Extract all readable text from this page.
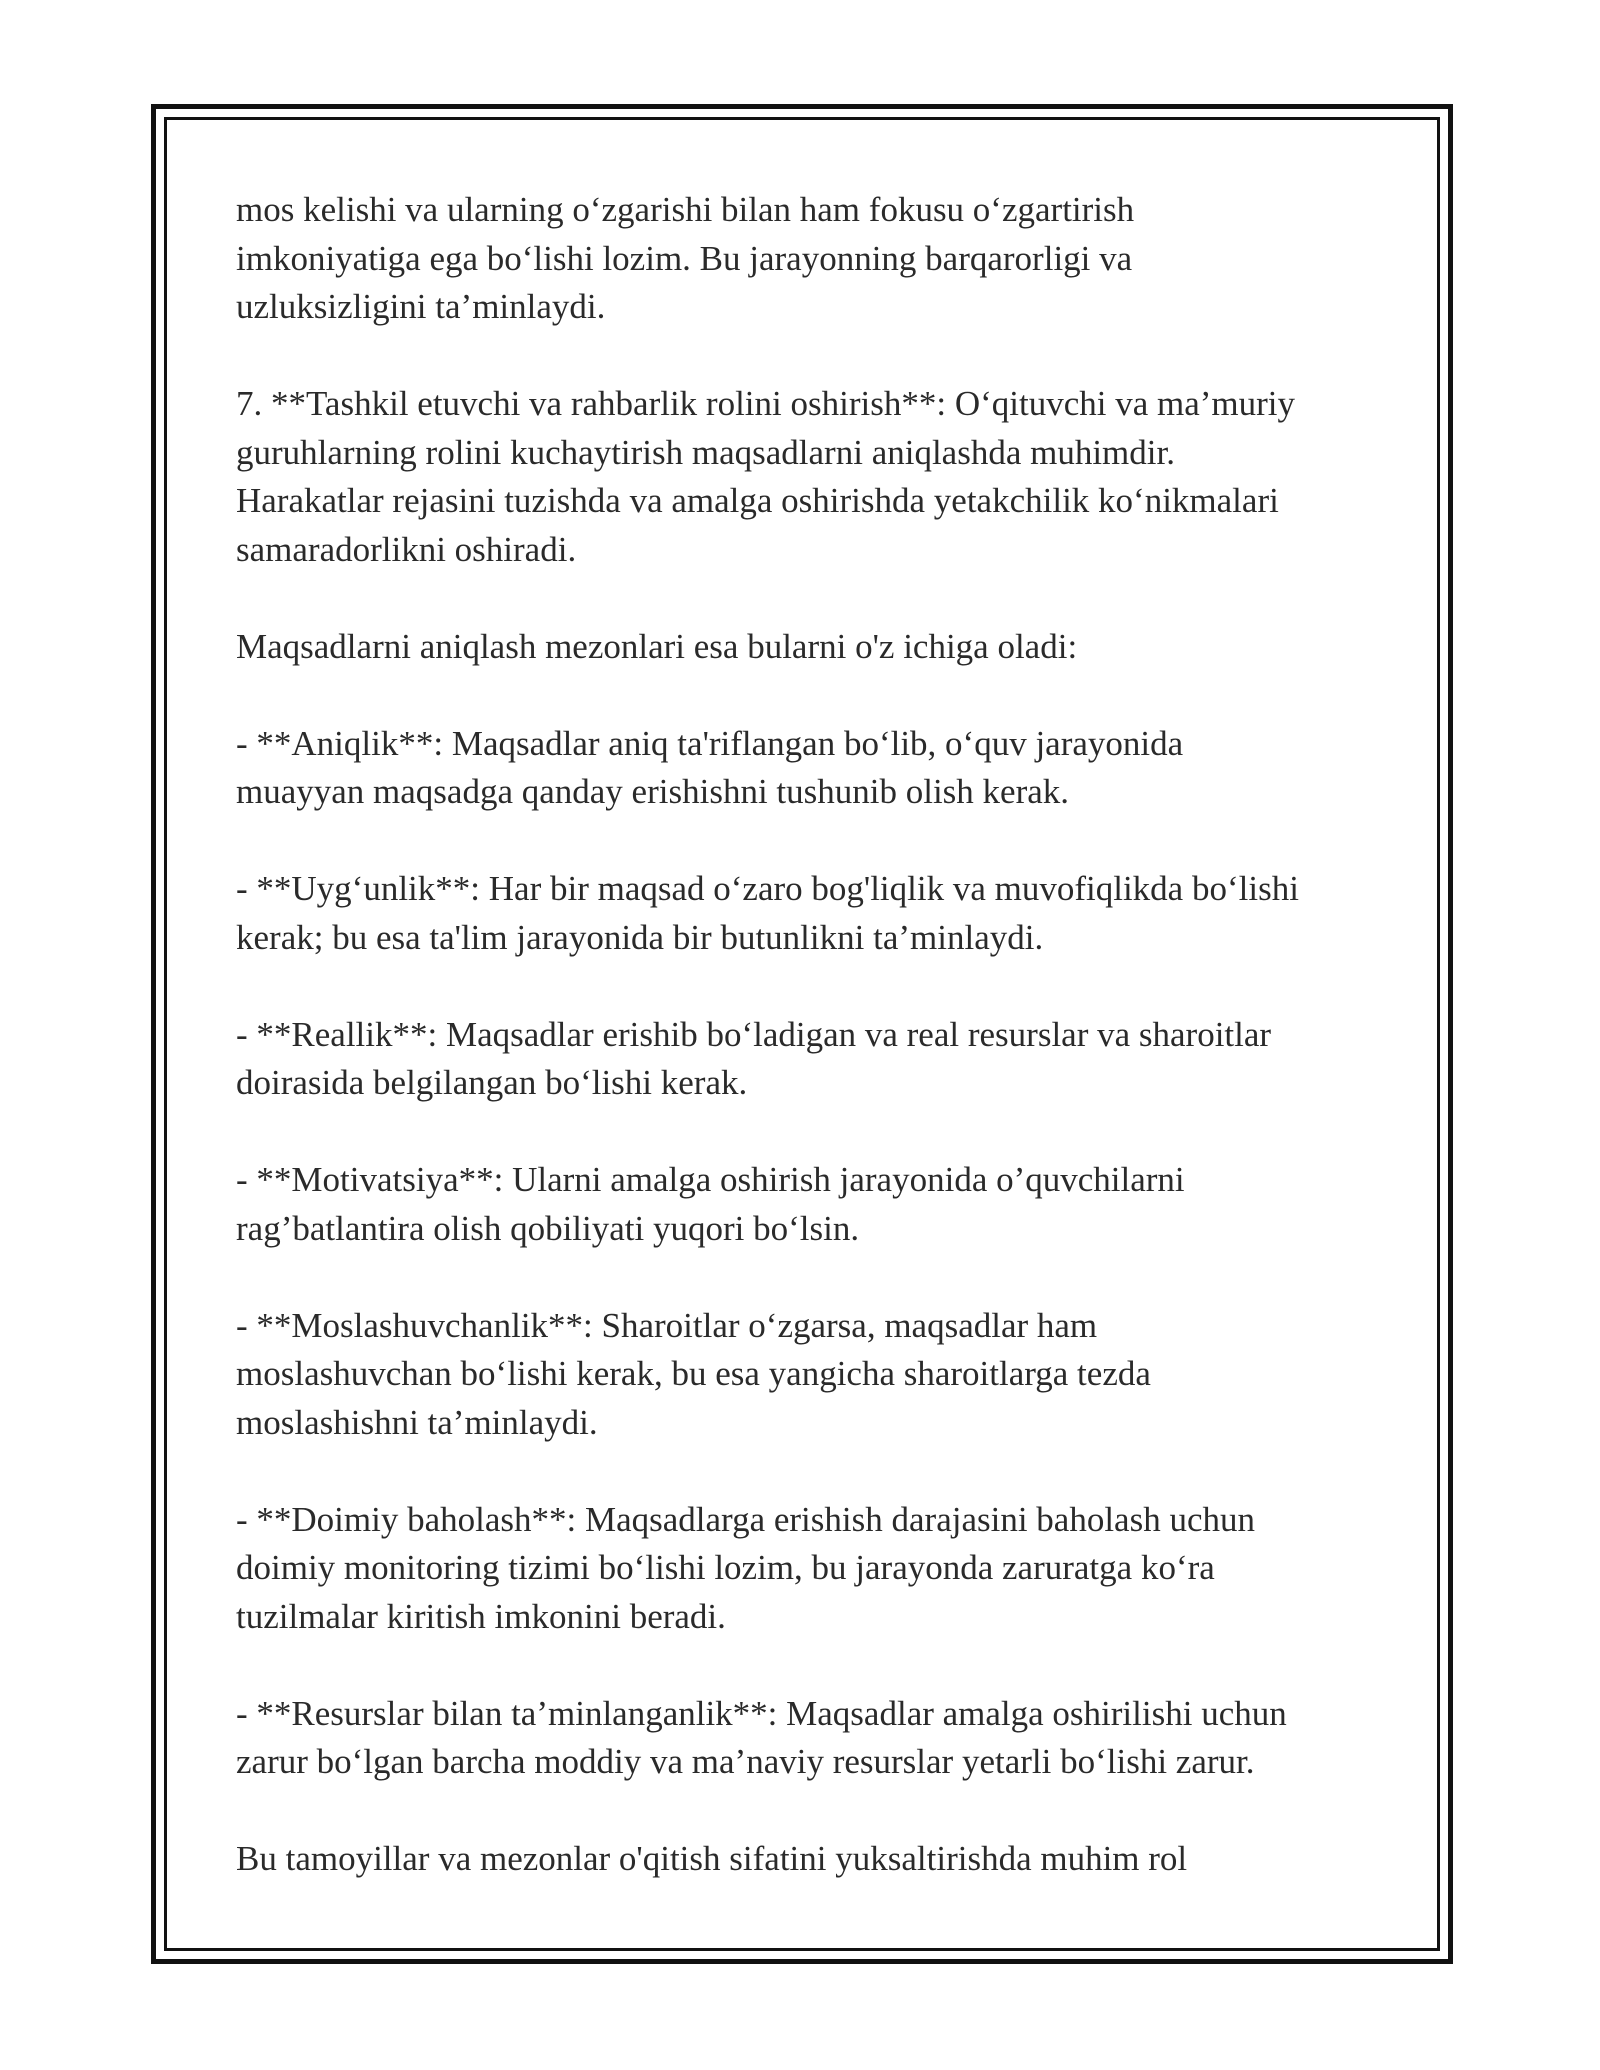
mos kelishi va ularning o‘zgarishi bilan ham fokusu o‘zgartirish
imkoniyatiga ega bo‘lishi lozim. Bu jarayonning barqarorligi va
uzluksizligini ta’minlaydi.

7. **Tashkil etuvchi va rahbarlik rolini oshirish**: O‘qituvchi va ma’muriy
guruhlarning rolini kuchaytirish maqsadlarni aniqlashda muhimdir.
Harakatlar rejasini tuzishda va amalga oshirishda yetakchilik ko‘nikmalari
samaradorlikni oshiradi.

Maqsadlarni aniqlash mezonlari esa bularni o'z ichiga oladi:

- **Aniqlik**: Maqsadlar aniq ta'riflangan bo‘lib, o‘quv jarayonida
muayyan maqsadga qanday erishishni tushunib olish kerak.

- **Uyg‘unlik**: Har bir maqsad o‘zaro bog'liqlik va muvofiqlikda bo‘lishi
kerak; bu esa ta'lim jarayonida bir butunlikni ta’minlaydi.

- **Reallik**: Maqsadlar erishib bo‘ladigan va real resurslar va sharoitlar
doirasida belgilangan bo‘lishi kerak.

- **Motivatsiya**: Ularni amalga oshirish jarayonida o’quvchilarni
rag’batlantira olish qobiliyati yuqori bo‘lsin.

- **Moslashuvchanlik**: Sharoitlar o‘zgarsa, maqsadlar ham
moslashuvchan bo‘lishi kerak, bu esa yangicha sharoitlarga tezda
moslashishni ta’minlaydi.

- **Doimiy baholash**: Maqsadlarga erishish darajasini baholash uchun
doimiy monitoring tizimi bo‘lishi lozim, bu jarayonda zaruratga ko‘ra
tuzilmalar kiritish imkonini beradi.

- **Resurslar bilan ta’minlanganlik**: Maqsadlar amalga oshirilishi uchun
zarur bo‘lgan barcha moddiy va ma’naviy resurslar yetarli bo‘lishi zarur.

Bu tamoyillar va mezonlar o'qitish sifatini yuksaltirishda muhim rol
